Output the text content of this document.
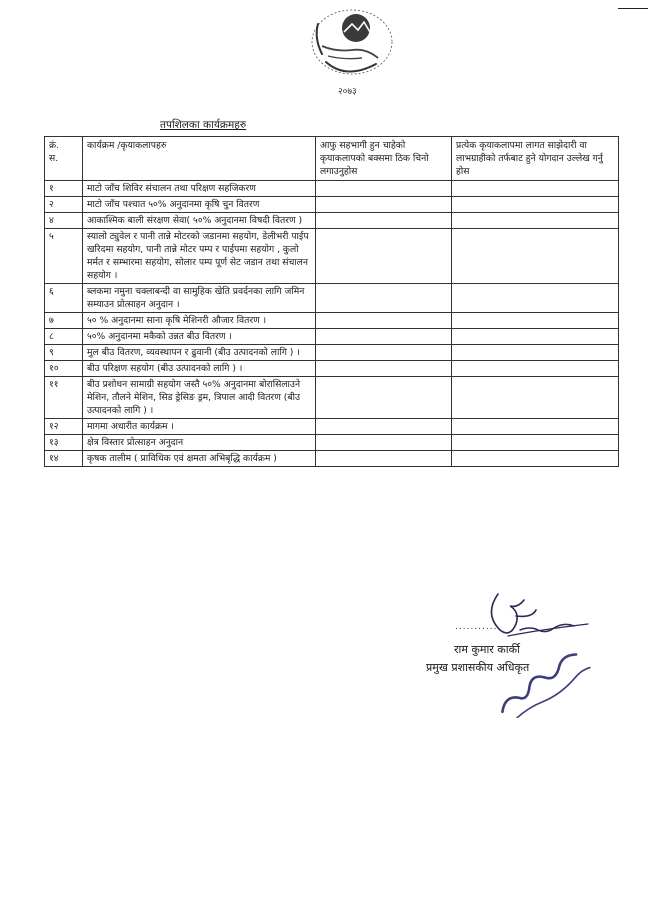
२०७३
तपशिलका कार्यक्रमहरु
क्रं.
स.	कार्यक्रम /कृयाकलापहरु	आफु सहभागी हुन चाहेको कृयाकलापको बक्समा ठिक चिनो लगाउनुहोस	प्रत्येक कृयाकलापमा लागत साझेदारी वा लाभग्राहीको तर्फबाट हुने योगदान उल्लेख गर्नु होस
१	माटो जाँच शिविर संचालन तथा परिक्षण सहजिकरण		
२	माटो जाँच पश्चात ५०% अनुदानमा कृषि चुन वितरण		
४	आकाश्मिक बाली संरक्षण सेवा( ५०% अनुदानमा विषदी वितरण )		
५	स्यालो ट्युवेल र पानी तान्ने मोटरको जडानमा सहयोग, डेलीभरी पाईप खरिदमा सहयोग, पानी तान्ने मोटर पम्प र पाईपमा सहयोग , कुलो मर्मत र सम्भारमा सहयोग, सोलार पम्प पूर्ण सेट जडान तथा संचालन सहयोग ।		
६	ब्लकमा नमुना चक्लाबन्दी वा सामुहिक खेति प्रवर्दनका लागि जमिन सम्याउन प्रोत्साहन अनुदान ।		
७	५० % अनुदानमा साना कृषि मेशिनरी औजार वितरण ।		
८	५०% अनुदानमा मकैको उन्नत बीउ वितरण ।		
९	मुल बीउ वितरण, व्यवस्थापन र ढुवानी (बीउ उत्पादनको लागि ) ।		
१०	बीउ परिक्षण सहयोग (बीउ उत्पादनको लागि ) ।		
११	बीउ प्रशोधन सामाग्री सहयोग जस्तै ५०% अनुदानमा बोरासिलाउने मेशिन, तौलने मेशिन, सिड ड्रेसिङ ड्रम, त्रिपाल आदी वितरण (बीउ उत्पादनको लागि ) ।		
१२	मागमा अधारीत कार्यक्रम ।		
१३	क्षेत्र विस्तार प्रोत्साहन अनुदान		
१४	कृषक तालीम ( प्राविधिक एवं क्षमता अभिबृद्धि कार्यक्रम )		
............
राम कुमार कार्की
प्रमुख प्रशासकीय अधिकृत
